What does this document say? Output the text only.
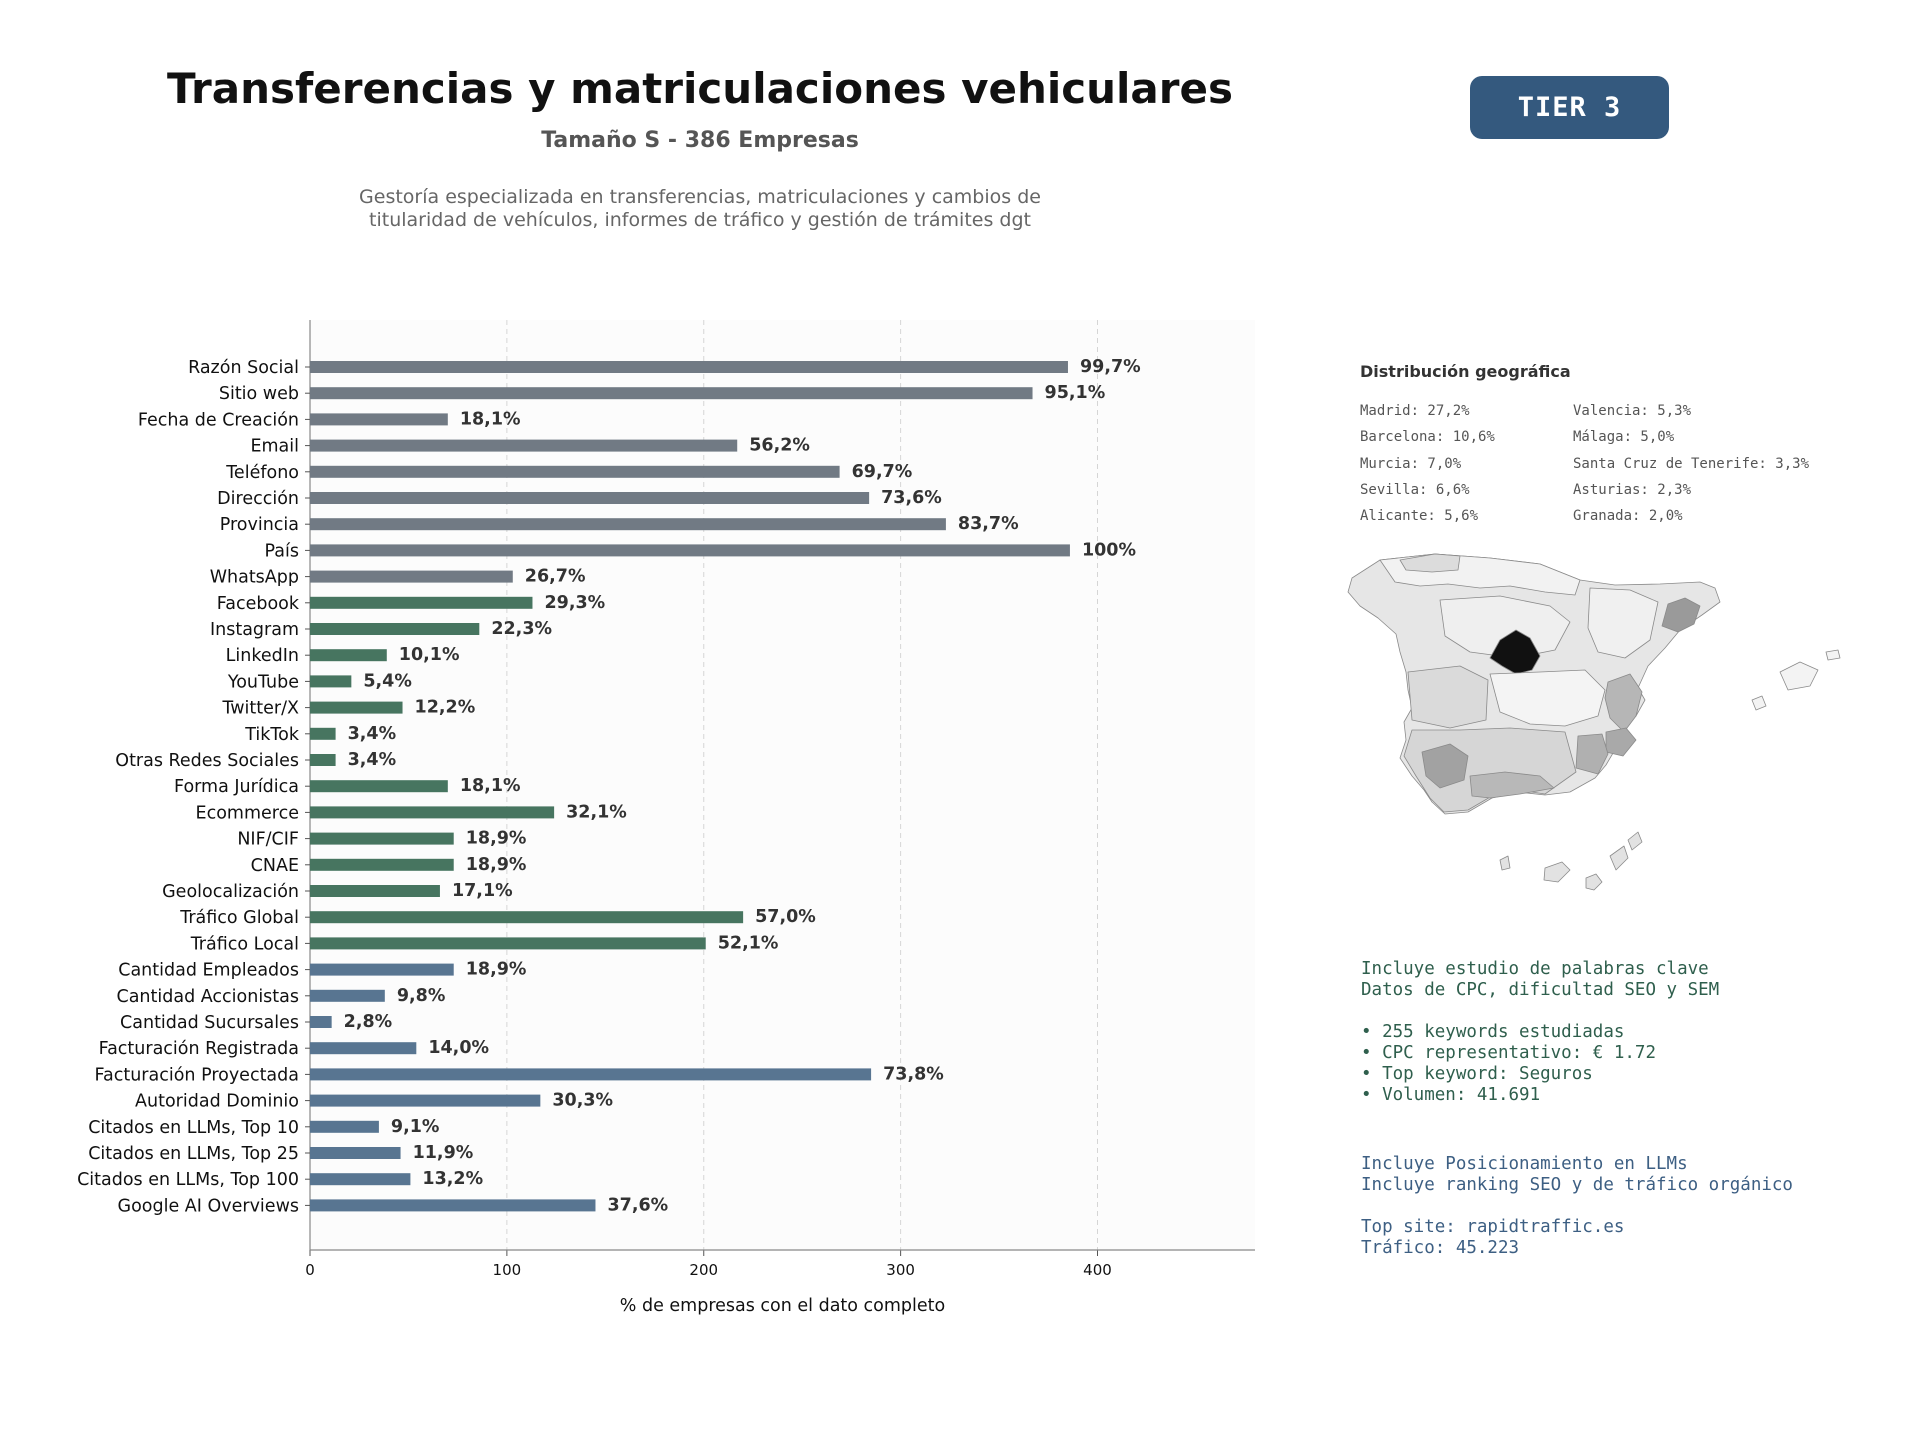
Transferencias y matriculaciones vehiculares
Tamaño S - 386 Empresas
Gestoría especializada en transferencias, matriculaciones y cambios de titularidad de vehículos, informes de tráfico y gestión de trámites dgt
TIER 3
0	100	200	300	400
Razón Social	99,7%
Sitio web	95,1%
Fecha de Creación	18,1%
Email	56,2%
Teléfono	69,7%
Dirección	73,6%
Provincia	83,7%
País	100%
WhatsApp	26,7%
Facebook	29,3%
Instagram	22,3%
LinkedIn	10,1%
YouTube	5,4%
Twitter/X	12,2%
TikTok	3,4%
Otras Redes Sociales	3,4%
Forma Jurídica	18,1%
Ecommerce	32,1%
NIF/CIF	18,9%
CNAE	18,9%
Geolocalización	17,1%
Tráfico Global	57,0%
Tráfico Local	52,1%
Cantidad Empleados	18,9%
Cantidad Accionistas	9,8%
Cantidad Sucursales	2,8%
Facturación Registrada	14,0%
Facturación Proyectada	73,8%
Autoridad Dominio	30,3%
Citados en LLMs, Top 10	9,1%
Citados en LLMs, Top 25	11,9%
Citados en LLMs, Top 100	13,2%
Google AI Overviews	37,6%
% de empresas con el dato completo
Distribución geográfica
Madrid: 27,2%
Barcelona: 10,6%
Murcia: 7,0%
Sevilla: 6,6%
Alicante: 5,6%
Valencia: 5,3%
Málaga: 5,0%
Santa Cruz de Tenerife: 3,3%
Asturias: 2,3%
Granada: 2,0%
Incluye estudio de palabras clave
Datos de CPC, dificultad SEO y SEM
• 255 keywords estudiadas
• CPC representativo: € 1.72
• Top keyword: Seguros
• Volumen: 41.691
Incluye Posicionamiento en LLMs
Incluye ranking SEO y de tráfico orgánico
Top site: rapidtraffic.es
Tráfico: 45.223
